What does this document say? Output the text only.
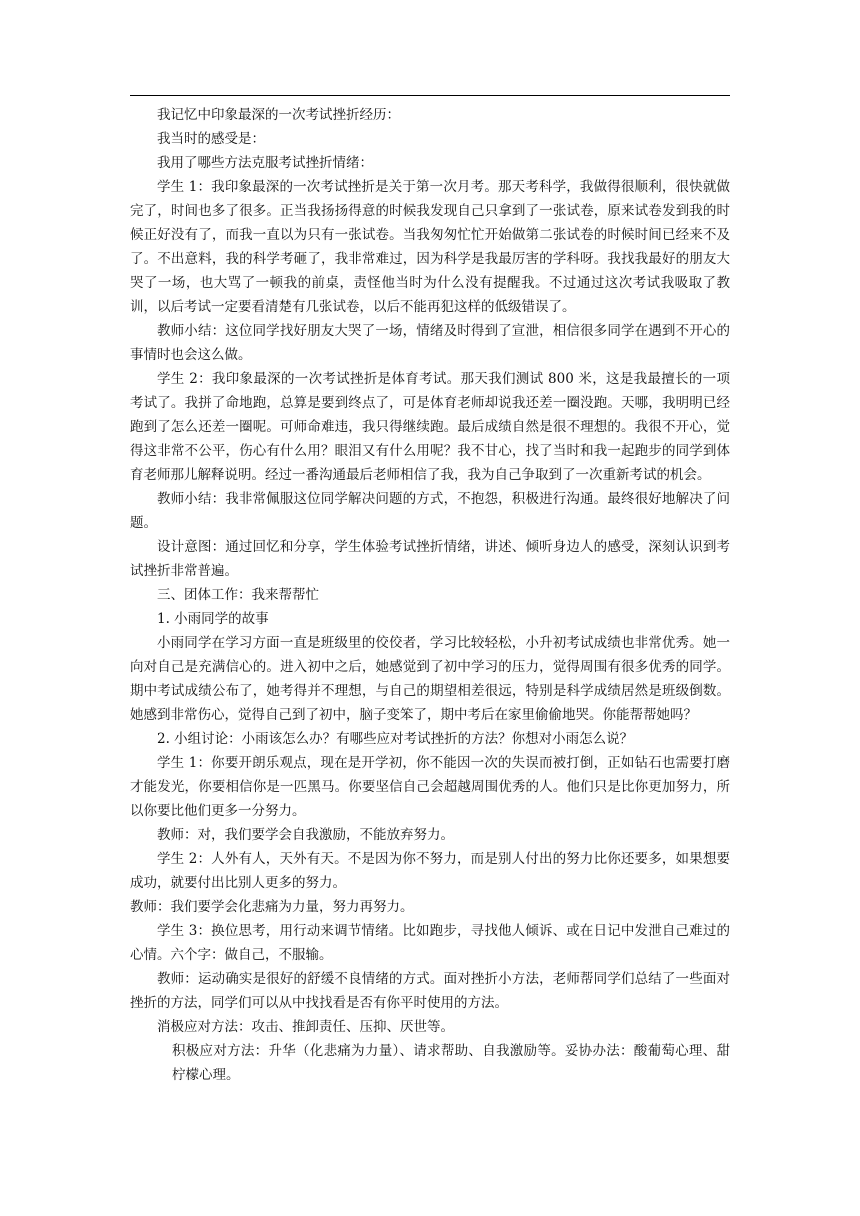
我记忆中印象最深的一次考试挫折经历：

我当时的感受是：

我用了哪些方法克服考试挫折情绪：

学生 1：我印象最深的一次考试挫折是关于第一次月考。那天考科学，我做得很顺利，很快就做完了，时间也多了很多。正当我扬扬得意的时候我发现自己只拿到了一张试卷，原来试卷发到我的时候正好没有了，而我一直以为只有一张试卷。当我匆匆忙忙开始做第二张试卷的时候时间已经来不及了。不出意料，我的科学考砸了，我非常难过，因为科学是我最厉害的学科呀。我找我最好的朋友大哭了一场，也大骂了一顿我的前桌，责怪他当时为什么没有提醒我。不过通过这次考试我吸取了教训，以后考试一定要看清楚有几张试卷，以后不能再犯这样的低级错误了。

教师小结：这位同学找好朋友大哭了一场，情绪及时得到了宣泄，相信很多同学在遇到不开心的事情时也会这么做。

学生 2：我印象最深的一次考试挫折是体育考试。那天我们测试 800 米，这是我最擅长的一项考试了。我拼了命地跑，总算是要到终点了，可是体育老师却说我还差一圈没跑。天哪，我明明已经跑到了怎么还差一圈呢。可师命难违，我只得继续跑。最后成绩自然是很不理想的。我很不开心，觉得这非常不公平，伤心有什么用？眼泪又有什么用呢？我不甘心，找了当时和我一起跑步的同学到体育老师那儿解释说明。经过一番沟通最后老师相信了我，我为自己争取到了一次重新考试的机会。

教师小结：我非常佩服这位同学解决问题的方式，不抱怨，积极进行沟通。最终很好地解决了问题。

设计意图：通过回忆和分享，学生体验考试挫折情绪，讲述、倾听身边人的感受，深刻认识到考试挫折非常普遍。

三、团体工作：我来帮帮忙

1. 小雨同学的故事

小雨同学在学习方面一直是班级里的佼佼者，学习比较轻松，小升初考试成绩也非常优秀。她一向对自己是充满信心的。进入初中之后，她感觉到了初中学习的压力，觉得周围有很多优秀的同学。期中考试成绩公布了，她考得并不理想，与自己的期望相差很远，特别是科学成绩居然是班级倒数。她感到非常伤心，觉得自己到了初中，脑子变笨了，期中考后在家里偷偷地哭。你能帮帮她吗？

2. 小组讨论：小雨该怎么办？有哪些应对考试挫折的方法？你想对小雨怎么说？

学生 1：你要开朗乐观点，现在是开学初，你不能因一次的失误而被打倒，正如钻石也需要打磨才能发光，你要相信你是一匹黑马。你要坚信自己会超越周围优秀的人。他们只是比你更加努力，所以你要比他们更多一分努力。

教师：对，我们要学会自我激励，不能放弃努力。

学生 2：人外有人，天外有天。不是因为你不努力，而是别人付出的努力比你还要多，如果想要成功，就要付出比别人更多的努力。

教师：我们要学会化悲痛为力量，努力再努力。

学生 3：换位思考，用行动来调节情绪。比如跑步，寻找他人倾诉、或在日记中发泄自己难过的心情。六个字：做自己，不服输。

教师：运动确实是很好的舒缓不良情绪的方式。面对挫折小方法，老师帮同学们总结了一些面对挫折的方法，同学们可以从中找找看是否有你平时使用的方法。

消极应对方法：攻击、推卸责任、压抑、厌世等。

积极应对方法：升华（化悲痛为力量）、请求帮助、自我激励等。妥协办法：酸葡萄心理、甜柠檬心理。
